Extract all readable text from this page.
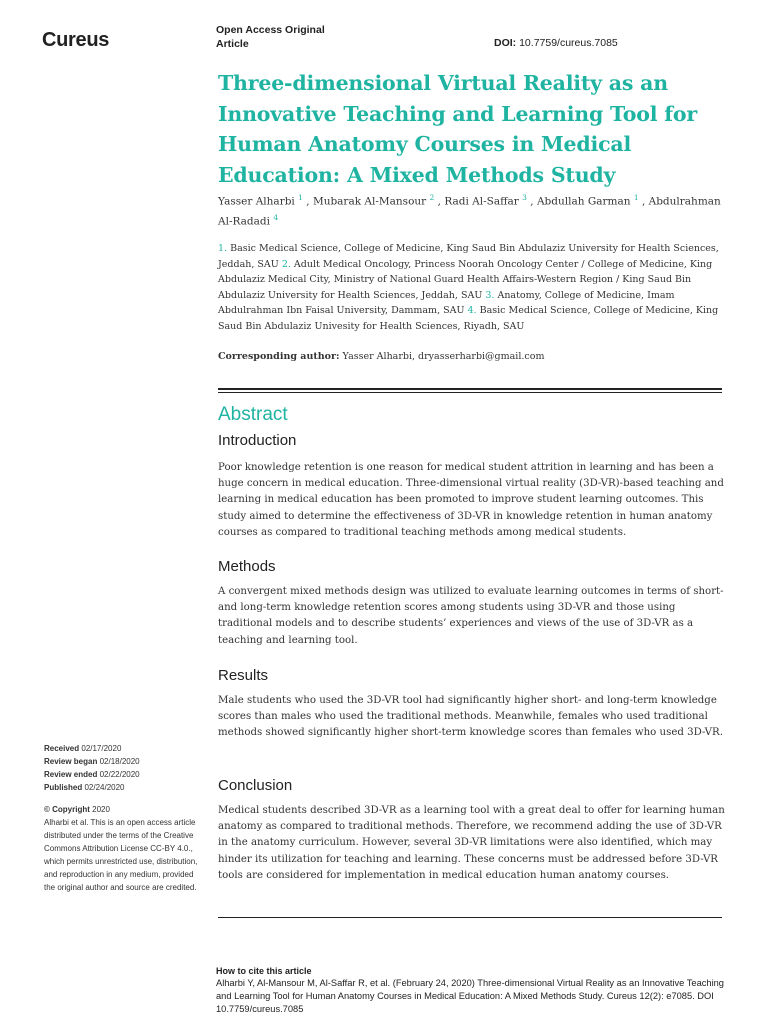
Cureus	Open Access Original
Article	DOI: 10.7759/cureus.7085
Three-dimensional Virtual Reality as an Innovative Teaching and Learning Tool for Human Anatomy Courses in Medical Education: A Mixed Methods Study
Yasser Alharbi $^1$ , Mubarak Al-Mansour $^2$ , Radi Al-Saffar $^3$ , Abdullah Garman $^1$ , Abdulrahman Al-Radadi $^4$
1. Basic Medical Science, College of Medicine, King Saud Bin Abdulaziz University for Health Sciences, Jeddah, SAU 2. Adult Medical Oncology, Princess Noorah Oncology Center / College of Medicine, King Abdulaziz Medical City, Ministry of National Guard Health Affairs-Western Region / King Saud Bin Abdulaziz University for Health Sciences, Jeddah, SAU 3. Anatomy, College of Medicine, Imam Abdulrahman Ibn Faisal University, Dammam, SAU 4. Basic Medical Science, College of Medicine, King Saud Bin Abdulaziz Univesity for Health Sciences, Riyadh, SAU
Corresponding author: Yasser Alharbi, dryasserharbi@gmail.com
Abstract
Introduction
Poor knowledge retention is one reason for medical student attrition in learning and has been a huge concern in medical education. Three-dimensional virtual reality (3D-VR)-based teaching and learning in medical education has been promoted to improve student learning outcomes. This study aimed to determine the effectiveness of 3D-VR in knowledge retention in human anatomy courses as compared to traditional teaching methods among medical students.
Methods
A convergent mixed methods design was utilized to evaluate learning outcomes in terms of short- and long-term knowledge retention scores among students using 3D-VR and those using traditional models and to describe students’ experiences and views of the use of 3D-VR as a teaching and learning tool.
Results
Male students who used the 3D-VR tool had significantly higher short- and long-term knowledge scores than males who used the traditional methods. Meanwhile, females who used traditional methods showed significantly higher short-term knowledge scores than females who used 3D-VR.
Conclusion
Medical students described 3D-VR as a learning tool with a great deal to offer for learning human anatomy as compared to traditional methods. Therefore, we recommend adding the use of 3D-VR in the anatomy curriculum. However, several 3D-VR limitations were also identified, which may hinder its utilization for teaching and learning. These concerns must be addressed before 3D-VR tools are considered for implementation in medical education human anatomy courses.
Received 02/17/2020
Review began 02/18/2020
Review ended 02/22/2020
Published 02/24/2020
© Copyright 2020
Alharbi et al. This is an open access article distributed under the terms of the Creative Commons Attribution License CC-BY 4.0., which permits unrestricted use, distribution, and reproduction in any medium, provided the original author and source are credited.
How to cite this article
Alharbi Y, Al-Mansour M, Al-Saffar R, et al. (February 24, 2020) Three-dimensional Virtual Reality as an Innovative Teaching and Learning Tool for Human Anatomy Courses in Medical Education: A Mixed Methods Study. Cureus 12(2): e7085. DOI 10.7759/cureus.7085
